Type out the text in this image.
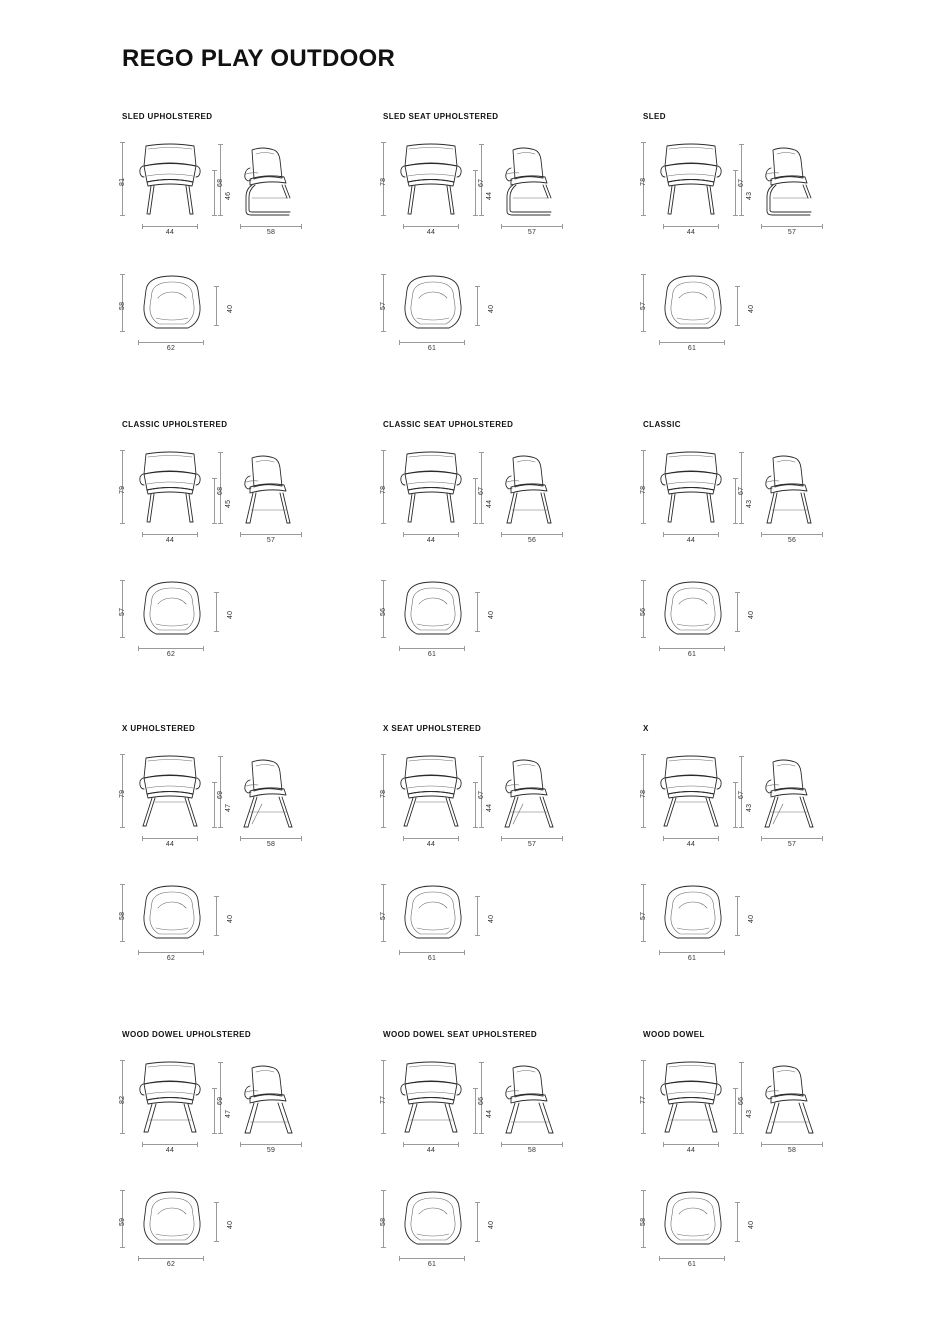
REGO PLAY OUTDOOR
SLED UPHOLSTERED
81
46
44
68
58
58	40
62
SLED SEAT UPHOLSTERED
78
44
44
67
57
57	40
61
SLED
78
43
44
67
57
57	40
61
CLASSIC UPHOLSTERED
79
45
44
68
57
57	40
62
CLASSIC SEAT UPHOLSTERED
78
44
44
67
56
56	40
61
CLASSIC
78
43
44
67
56
56	40
61
X UPHOLSTERED
79
47
44
69
58
58	40
62
X SEAT UPHOLSTERED
78
44
44
67
57
57	40
61
X
78
43
44
67
57
57	40
61
WOOD DOWEL UPHOLSTERED
82
47
44
69
59
59	40
62
WOOD DOWEL SEAT UPHOLSTERED
77
44
44
66
58
58	40
61
WOOD DOWEL
77
43
44
66
58
58	40
61
